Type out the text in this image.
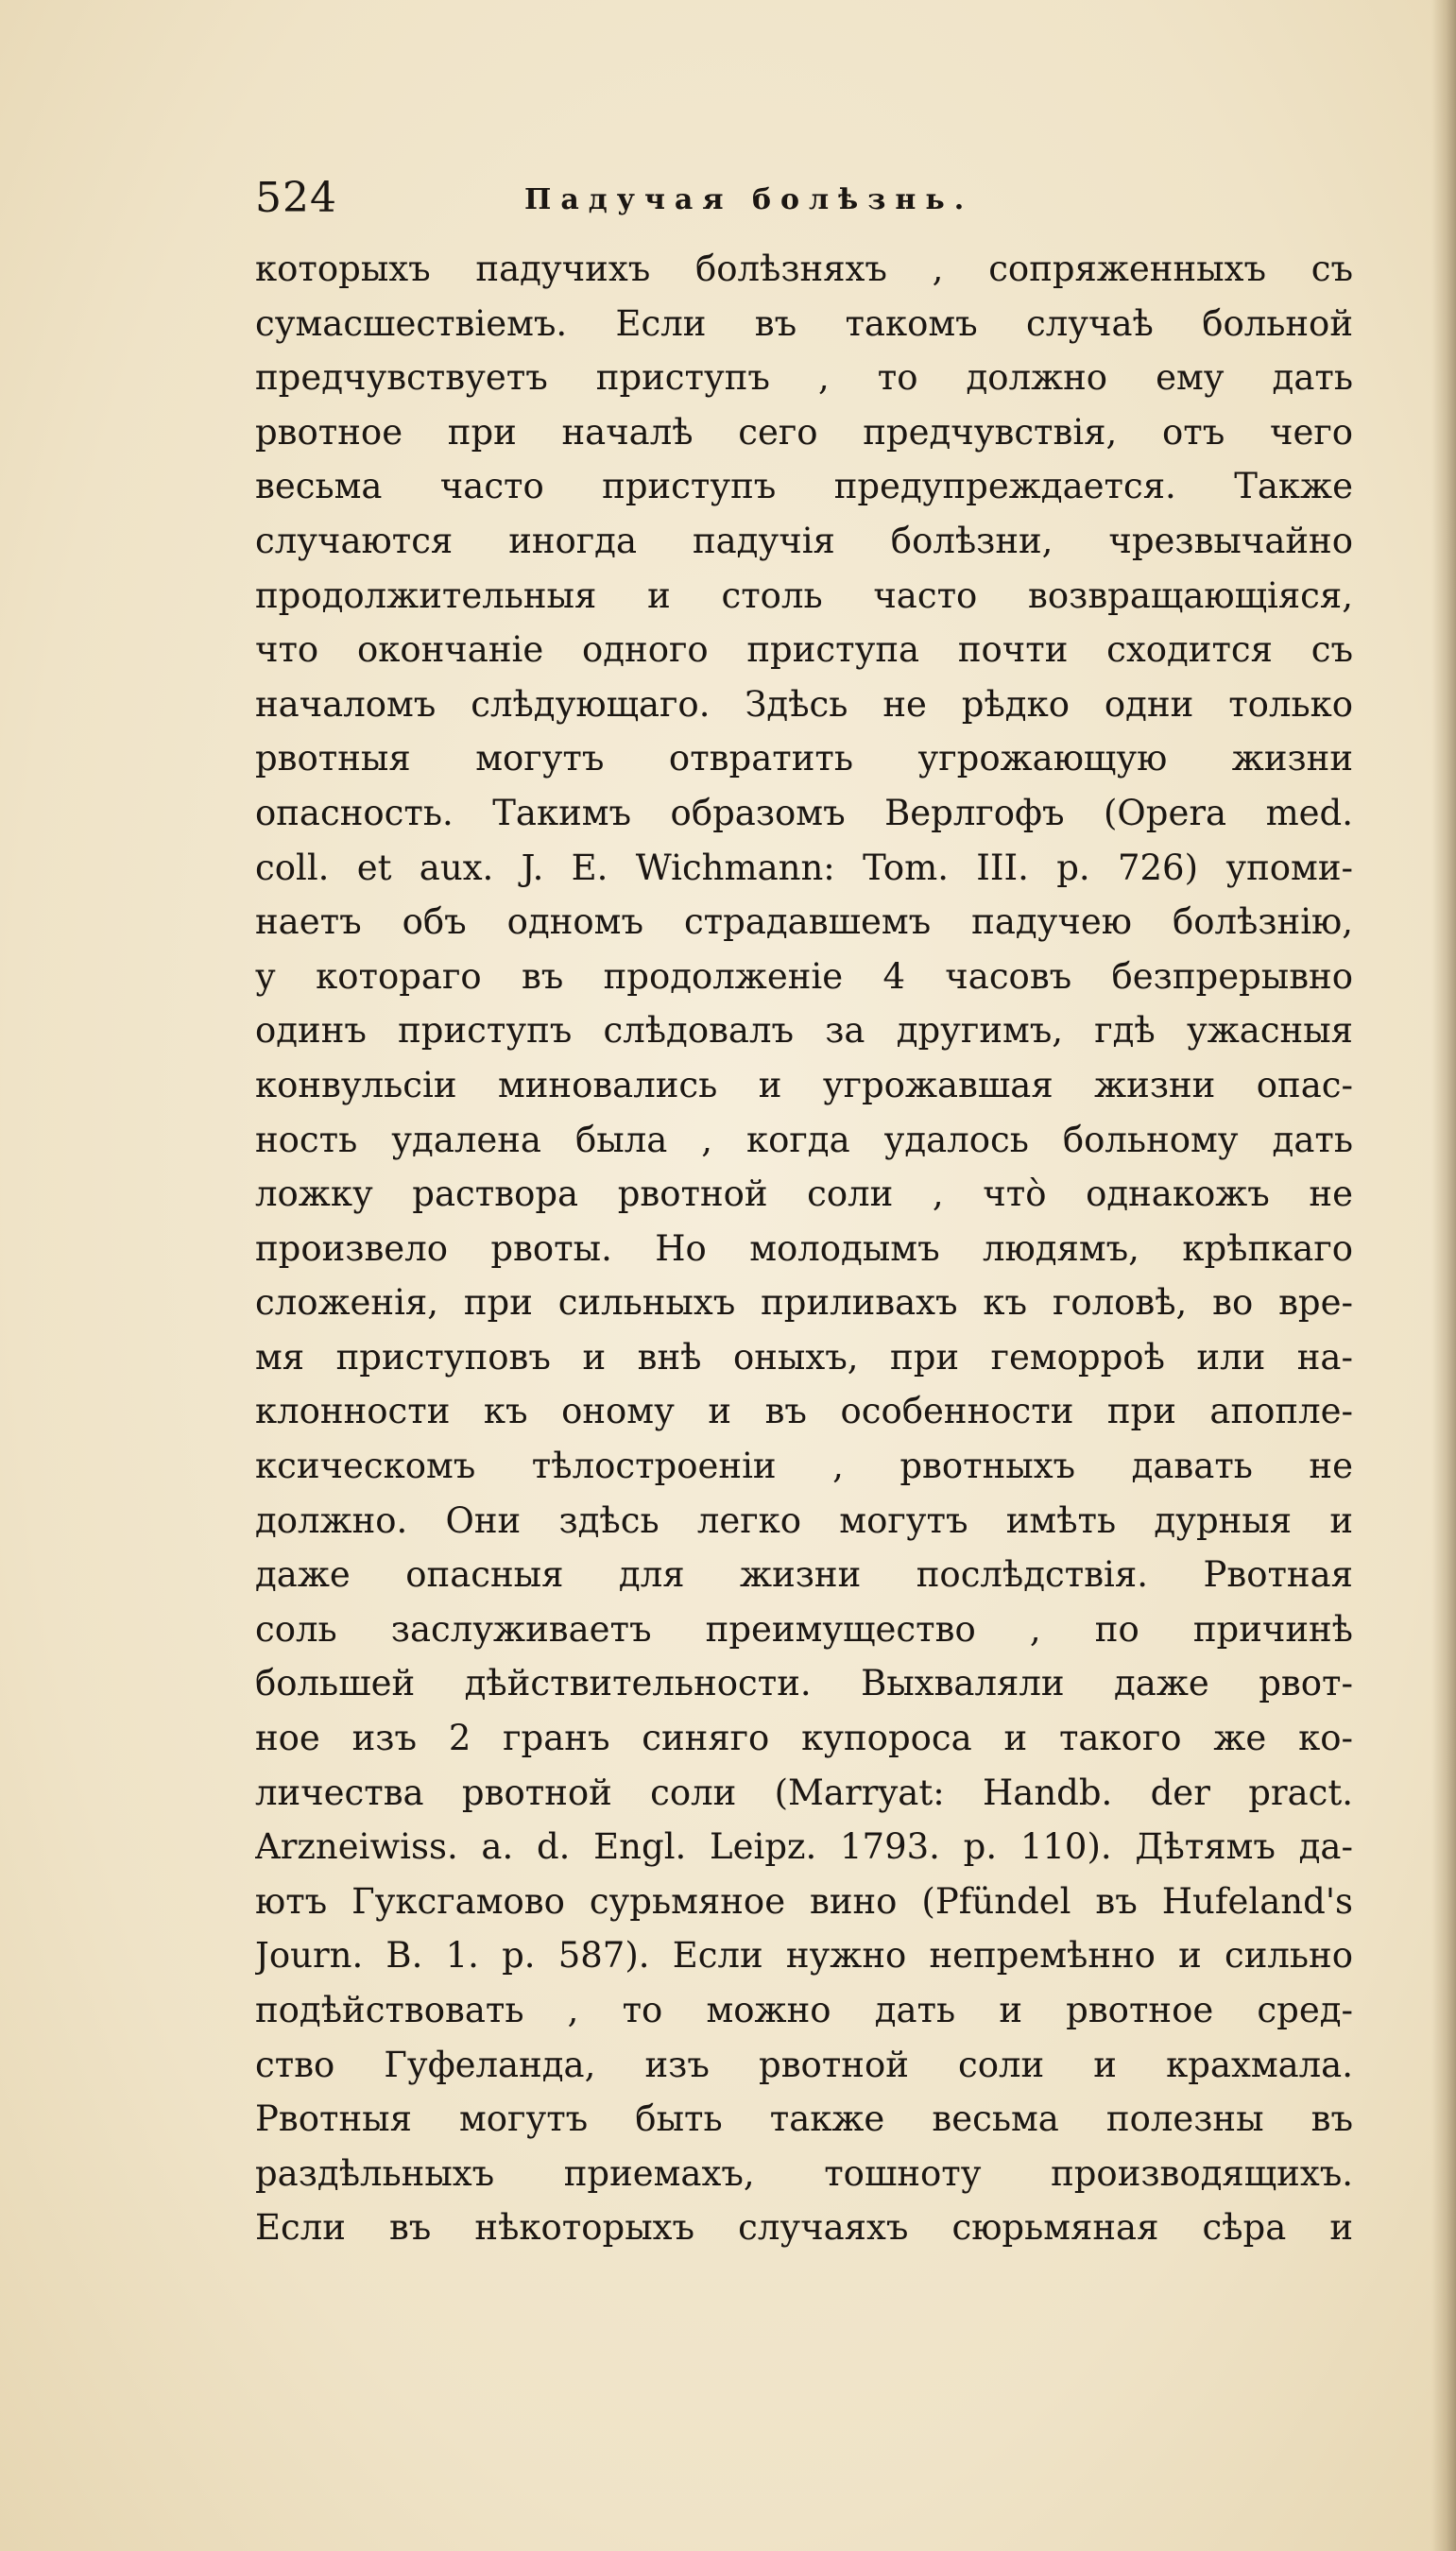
524	Падучая болѣзнь.
которыхъ падучихъ болѣзняхъ , сопряженныхъ съ
сумасшествіемъ. Если въ такомъ случаѣ больной
предчувствуетъ приступъ , то должно ему дать
рвотное при началѣ сего предчувствія, отъ чего
весьма часто приступъ предупреждается. Также
случаются иногда падучія болѣзни, чрезвычайно
продолжительныя и столь часто возвращающіяся,
что окончаніе одного приступа почти сходится съ
началомъ слѣдующаго. Здѣсь не рѣдко одни только
рвотныя могутъ отвратить угрожающую жизни
опасность. Такимъ образомъ Верлгофъ (Opera med.
coll. et aux. J. E. Wichmann: Tom. III. p. 726) упоми-
наетъ объ одномъ страдавшемъ падучею болѣзнію,
у котораго въ продолженіе 4 часовъ безпрерывно
одинъ приступъ слѣдовалъ за другимъ, гдѣ ужасныя
конвульсіи миновались и угрожавшая жизни опас-
ность удалена была , когда удалось больному дать
ложку раствора рвотной соли , что̀ однакожъ не
произвело рвоты. Но молодымъ людямъ, крѣпкаго
сложенія, при сильныхъ приливахъ къ головѣ, во вре-
мя приступовъ и внѣ оныхъ, при геморроѣ или на-
клонности къ оному и въ особенности при апопле-
ксическомъ тѣлостроеніи , рвотныхъ давать не
должно. Они здѣсь легко могутъ имѣть дурныя и
даже опасныя для жизни послѣдствія. Рвотная
соль заслуживаетъ преимущество , по причинѣ
большей дѣйствительности. Выхваляли даже рвот-
ное изъ 2 гранъ синяго купороса и такого же ко-
личества рвотной соли (Marryat: Handb. der pract.
Arzneiwiss. a. d. Engl. Leipz. 1793. p. 110). Дѣтямъ да-
ютъ Гуксгамово сурьмяное вино (Pfündel въ Hufeland's
Journ. B. 1. p. 587). Если нужно непремѣнно и сильно
подѣйствовать , то можно дать и рвотное сред-
ство Гуфеланда, изъ рвотной соли и крахмала.
Рвотныя могутъ быть также весьма полезны въ
раздѣльныхъ приемахъ, тошноту производящихъ.
Если въ нѣкоторыхъ случаяхъ сюрьмяная сѣра и
